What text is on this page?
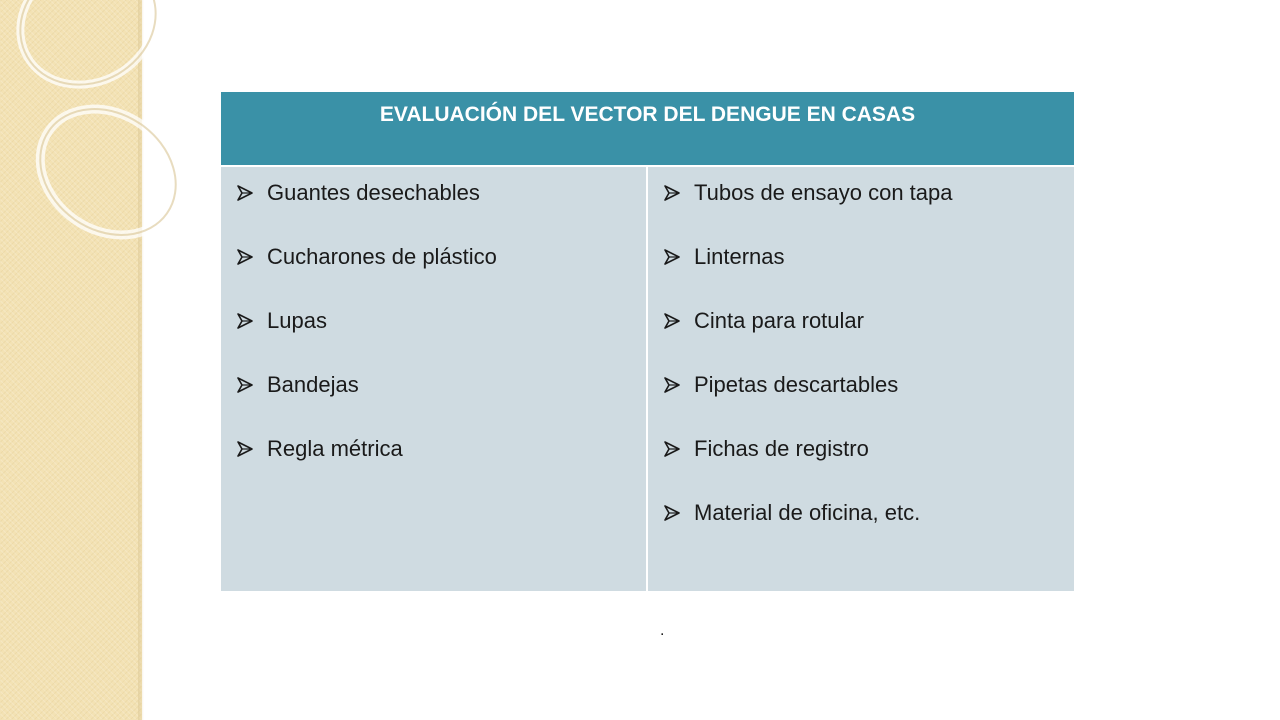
EVALUACIÓN DEL VECTOR DEL DENGUE EN CASAS
Guantes desechables
Cucharones de plástico
Lupas
Bandejas
Regla métrica
Tubos de ensayo con tapa
Linternas
Cinta para rotular
Pipetas descartables
Fichas de registro
Material de oficina, etc.
.
